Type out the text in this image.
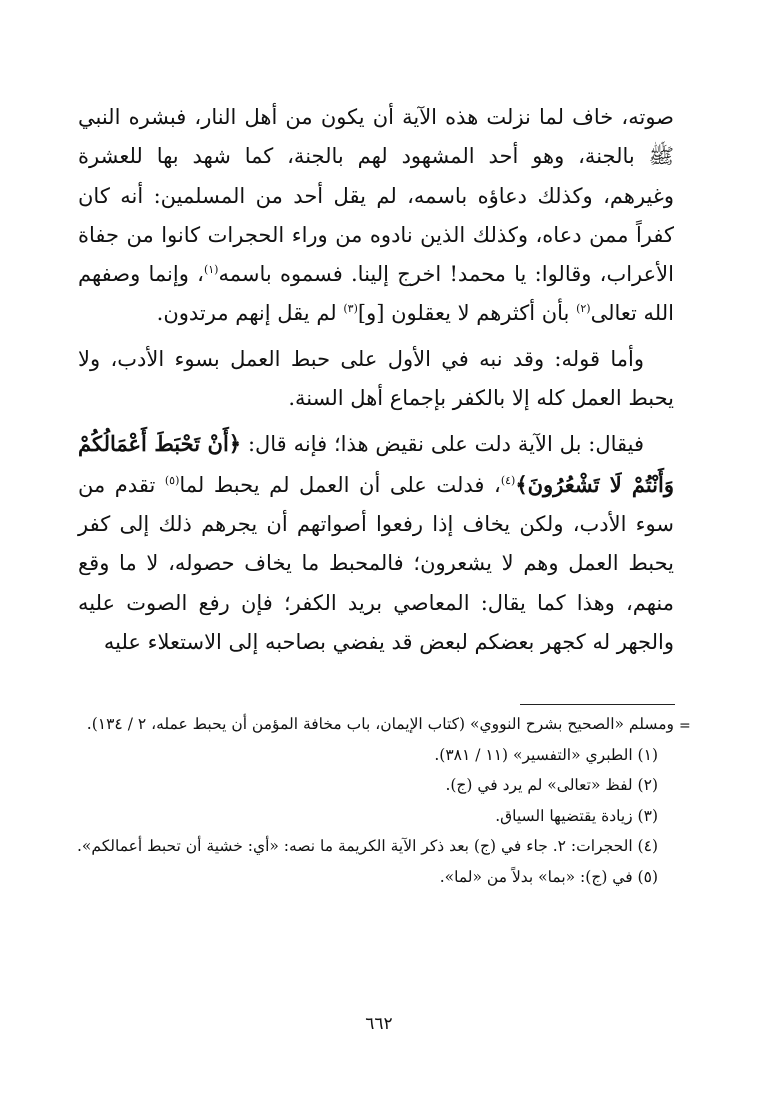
صوته، خاف لما نزلت هذه الآية أن يكون من أهل النار، فبشره النبي ﷺ بالجنة، وهو أحد المشهود لهم بالجنة، كما شهد بها للعشرة وغيرهم، وكذلك دعاؤه باسمه، لم يقل أحد من المسلمين: أنه كان كفراً ممن دعاه، وكذلك الذين نادوه من وراء الحجرات كانوا من جفاة الأعراب، وقالوا: يا محمد! اخرج إلينا. فسموه باسمه$^{(١)}$، وإنما وصفهم الله تعالى$^{(٢)}$ بأن أكثرهم لا يعقلون [و]$^{(٣)}$ لم يقل إنهم مرتدون.

وأما قوله: وقد نبه في الأول على حبط العمل بسوء الأدب، ولا يحبط العمل كله إلا بالكفر بإجماع أهل السنة.

فيقال: بل الآية دلت على نقيض هذا؛ فإنه قال: ﴿أَنْ تَحْبَطَ أَعْمَالُكُمْ وَأَنْتُمْ لَا تَشْعُرُونَ﴾$^{(٤)}$، فدلت على أن العمل لم يحبط لما$^{(٥)}$ تقدم من سوء الأدب، ولكن يخاف إذا رفعوا أصواتهم أن يجرهم ذلك إلى كفر يحبط العمل وهم لا يشعرون؛ فالمحبط ما يخاف حصوله، لا ما وقع منهم، وهذا كما يقال: المعاصي بريد الكفر؛ فإن رفع الصوت عليه والجهر له كجهر بعضكم لبعض قد يفضي بصاحبه إلى الاستعلاء عليه

=

ومسلم «الصحيح بشرح النووي» (كتاب الإيمان، باب مخافة المؤمن أن يحبط عمله، ٢ / ١٣٤).

(١) الطبري «التفسير» (١١ / ٣٨١).

(٢) لفظ «تعالى» لم يرد في (ج).

(٣) زيادة يقتضيها السياق.

(٤) الحجرات: ٢. جاء في (ج) بعد ذكر الآية الكريمة ما نصه: «أي: خشية أن تحبط أعمالكم».

(٥) في (ج): «بما» بدلاً من «لما».

٦٦٢
